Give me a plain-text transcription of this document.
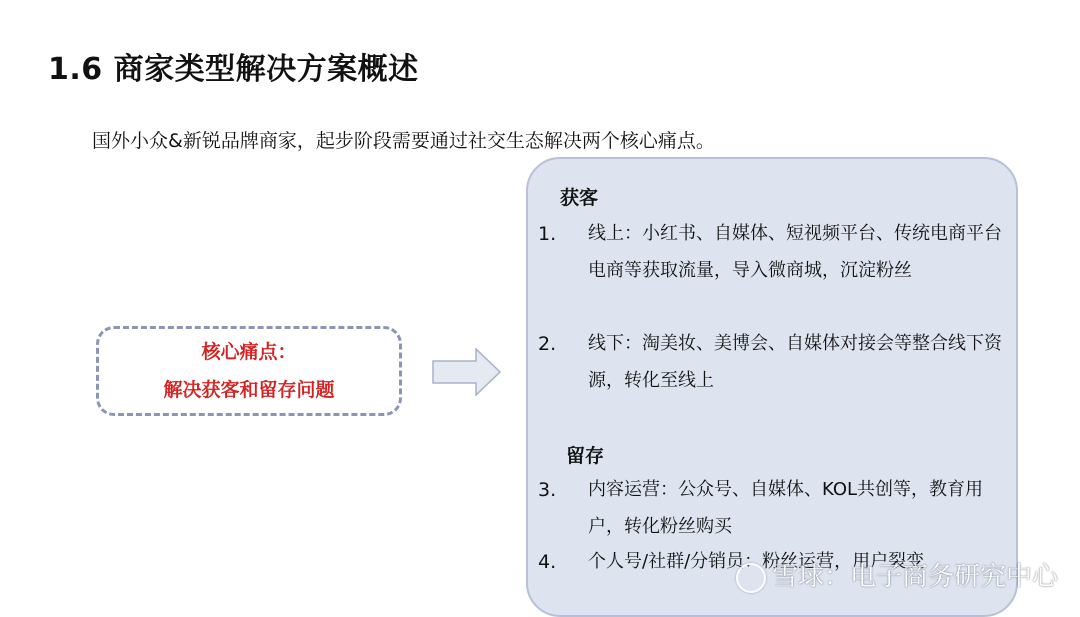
1.6 商家类型解决方案概述
国外小众&新锐品牌商家，起步阶段需要通过社交生态解决两个核心痛点。
核心痛点：
解决获客和留存问题
获客
1. 线上：小红书、自媒体、短视频平台、传统电商平台电商等获取流量，导入微商城，沉淀粉丝
2. 线下：淘美妆、美博会、自媒体对接会等整合线下资源，转化至线上
留存
3. 内容运营：公众号、自媒体、KOL共创等，教育用户，转化粉丝购买
4. 个人号/社群/分销员：粉丝运营，用户裂变
雪球：电子商务研究中心
